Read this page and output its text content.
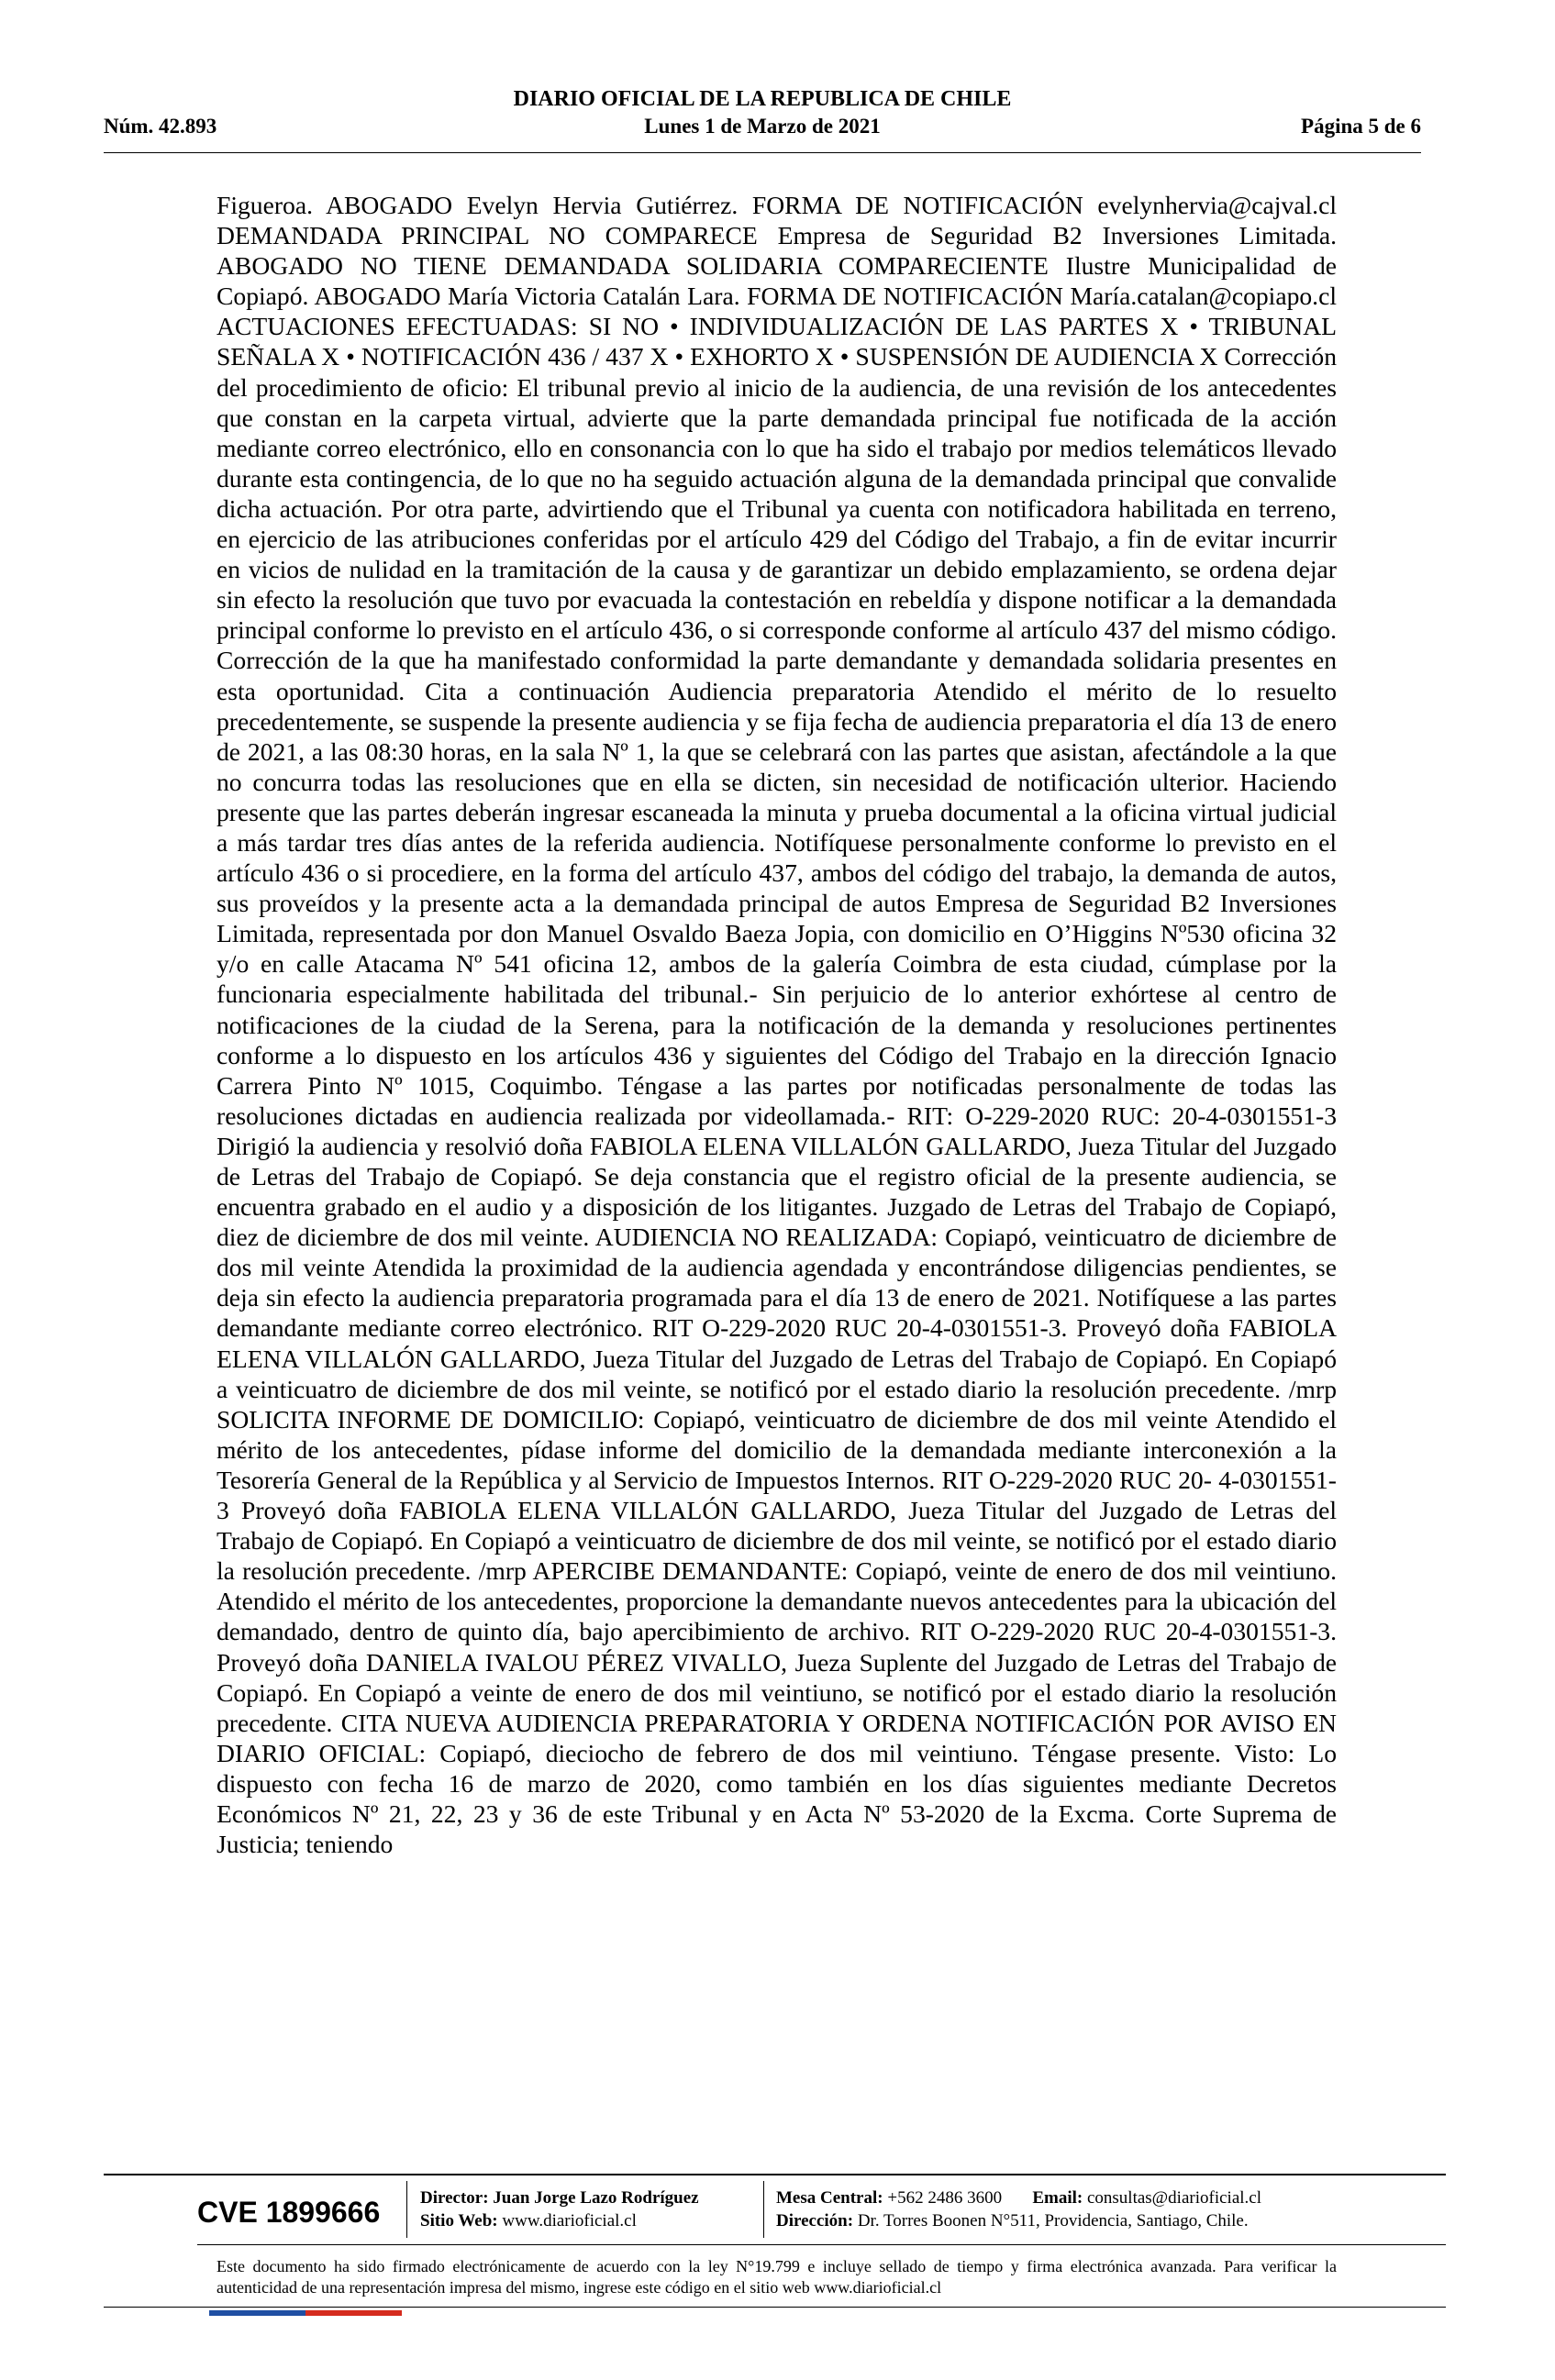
DIARIO OFICIAL DE LA REPUBLICA DE CHILE
Núm. 42.893	Lunes 1 de Marzo de 2021	Página 5 de 6

Figueroa. ABOGADO Evelyn Hervia Gutiérrez. FORMA DE NOTIFICACIÓN evelynhervia@cajval.cl DEMANDADA PRINCIPAL NO COMPARECE Empresa de Seguridad B2 Inversiones Limitada. ABOGADO NO TIENE DEMANDADA SOLIDARIA COMPARECIENTE Ilustre Municipalidad de Copiapó. ABOGADO María Victoria Catalán Lara. FORMA DE NOTIFICACIÓN María.catalan@copiapo.cl ACTUACIONES EFECTUADAS: SI NO • INDIVIDUALIZACIÓN DE LAS PARTES X • TRIBUNAL SEÑALA X • NOTIFICACIÓN 436 / 437 X • EXHORTO X • SUSPENSIÓN DE AUDIENCIA X Corrección del procedimiento de oficio: El tribunal previo al inicio de la audiencia, de una revisión de los antecedentes que constan en la carpeta virtual, advierte que la parte demandada principal fue notificada de la acción mediante correo electrónico, ello en consonancia con lo que ha sido el trabajo por medios telemáticos llevado durante esta contingencia, de lo que no ha seguido actuación alguna de la demandada principal que convalide dicha actuación. Por otra parte, advirtiendo que el Tribunal ya cuenta con notificadora habilitada en terreno, en ejercicio de las atribuciones conferidas por el artículo 429 del Código del Trabajo, a fin de evitar incurrir en vicios de nulidad en la tramitación de la causa y de garantizar un debido emplazamiento, se ordena dejar sin efecto la resolución que tuvo por evacuada la contestación en rebeldía y dispone notificar a la demandada principal conforme lo previsto en el artículo 436, o si corresponde conforme al artículo 437 del mismo código. Corrección de la que ha manifestado conformidad la parte demandante y demandada solidaria presentes en esta oportunidad. Cita a continuación Audiencia preparatoria Atendido el mérito de lo resuelto precedentemente, se suspende la presente audiencia y se fija fecha de audiencia preparatoria el día 13 de enero de 2021, a las 08:30 horas, en la sala Nº 1, la que se celebrará con las partes que asistan, afectándole a la que no concurra todas las resoluciones que en ella se dicten, sin necesidad de notificación ulterior. Haciendo presente que las partes deberán ingresar escaneada la minuta y prueba documental a la oficina virtual judicial a más tardar tres días antes de la referida audiencia. Notifíquese personalmente conforme lo previsto en el artículo 436 o si procediere, en la forma del artículo 437, ambos del código del trabajo, la demanda de autos, sus proveídos y la presente acta a la demandada principal de autos Empresa de Seguridad B2 Inversiones Limitada, representada por don Manuel Osvaldo Baeza Jopia, con domicilio en O’Higgins Nº530 oficina 32 y/o en calle Atacama Nº 541 oficina 12, ambos de la galería Coimbra de esta ciudad, cúmplase por la funcionaria especialmente habilitada del tribunal.- Sin perjuicio de lo anterior exhórtese al centro de notificaciones de la ciudad de la Serena, para la notificación de la demanda y resoluciones pertinentes conforme a lo dispuesto en los artículos 436 y siguientes del Código del Trabajo en la dirección Ignacio Carrera Pinto Nº 1015, Coquimbo. Téngase a las partes por notificadas personalmente de todas las resoluciones dictadas en audiencia realizada por videollamada.- RIT: O-229-2020 RUC: 20-4-0301551-3 Dirigió la audiencia y resolvió doña FABIOLA ELENA VILLALÓN GALLARDO, Jueza Titular del Juzgado de Letras del Trabajo de Copiapó. Se deja constancia que el registro oficial de la presente audiencia, se encuentra grabado en el audio y a disposición de los litigantes. Juzgado de Letras del Trabajo de Copiapó, diez de diciembre de dos mil veinte. AUDIENCIA NO REALIZADA: Copiapó, veinticuatro de diciembre de dos mil veinte Atendida la proximidad de la audiencia agendada y encontrándose diligencias pendientes, se deja sin efecto la audiencia preparatoria programada para el día 13 de enero de 2021. Notifíquese a las partes demandante mediante correo electrónico. RIT O-229-2020 RUC 20-4-0301551-3. Proveyó doña FABIOLA ELENA VILLALÓN GALLARDO, Jueza Titular del Juzgado de Letras del Trabajo de Copiapó. En Copiapó a veinticuatro de diciembre de dos mil veinte, se notificó por el estado diario la resolución precedente. /mrp SOLICITA INFORME DE DOMICILIO: Copiapó, veinticuatro de diciembre de dos mil veinte Atendido el mérito de los antecedentes, pídase informe del domicilio de la demandada mediante interconexión a la Tesorería General de la República y al Servicio de Impuestos Internos. RIT O-229-2020 RUC 20- 4-0301551-3 Proveyó doña FABIOLA ELENA VILLALÓN GALLARDO, Jueza Titular del Juzgado de Letras del Trabajo de Copiapó. En Copiapó a veinticuatro de diciembre de dos mil veinte, se notificó por el estado diario la resolución precedente. /mrp APERCIBE DEMANDANTE: Copiapó, veinte de enero de dos mil veintiuno. Atendido el mérito de los antecedentes, proporcione la demandante nuevos antecedentes para la ubicación del demandado, dentro de quinto día, bajo apercibimiento de archivo. RIT O-229-2020 RUC 20-4-0301551-3. Proveyó doña DANIELA IVALOU PÉREZ VIVALLO, Jueza Suplente del Juzgado de Letras del Trabajo de Copiapó. En Copiapó a veinte de enero de dos mil veintiuno, se notificó por el estado diario la resolución precedente. CITA NUEVA AUDIENCIA PREPARATORIA Y ORDENA NOTIFICACIÓN POR AVISO EN DIARIO OFICIAL: Copiapó, dieciocho de febrero de dos mil veintiuno. Téngase presente. Visto: Lo dispuesto con fecha 16 de marzo de 2020, como también en los días siguientes mediante Decretos Económicos Nº 21, 22, 23 y 36 de este Tribunal y en Acta Nº 53-2020 de la Excma. Corte Suprema de Justicia; teniendo

CVE 1899666	Director: Juan Jorge Lazo Rodríguez
Sitio Web: www.diarioficial.cl
Mesa Central: +562 2486 3600 Email: consultas@diarioficial.cl
Dirección: Dr. Torres Boonen N°511, Providencia, Santiago, Chile.

Este documento ha sido firmado electrónicamente de acuerdo con la ley N°19.799 e incluye sellado de tiempo y firma electrónica avanzada. Para verificar la autenticidad de una representación impresa del mismo, ingrese este código en el sitio web www.diarioficial.cl
